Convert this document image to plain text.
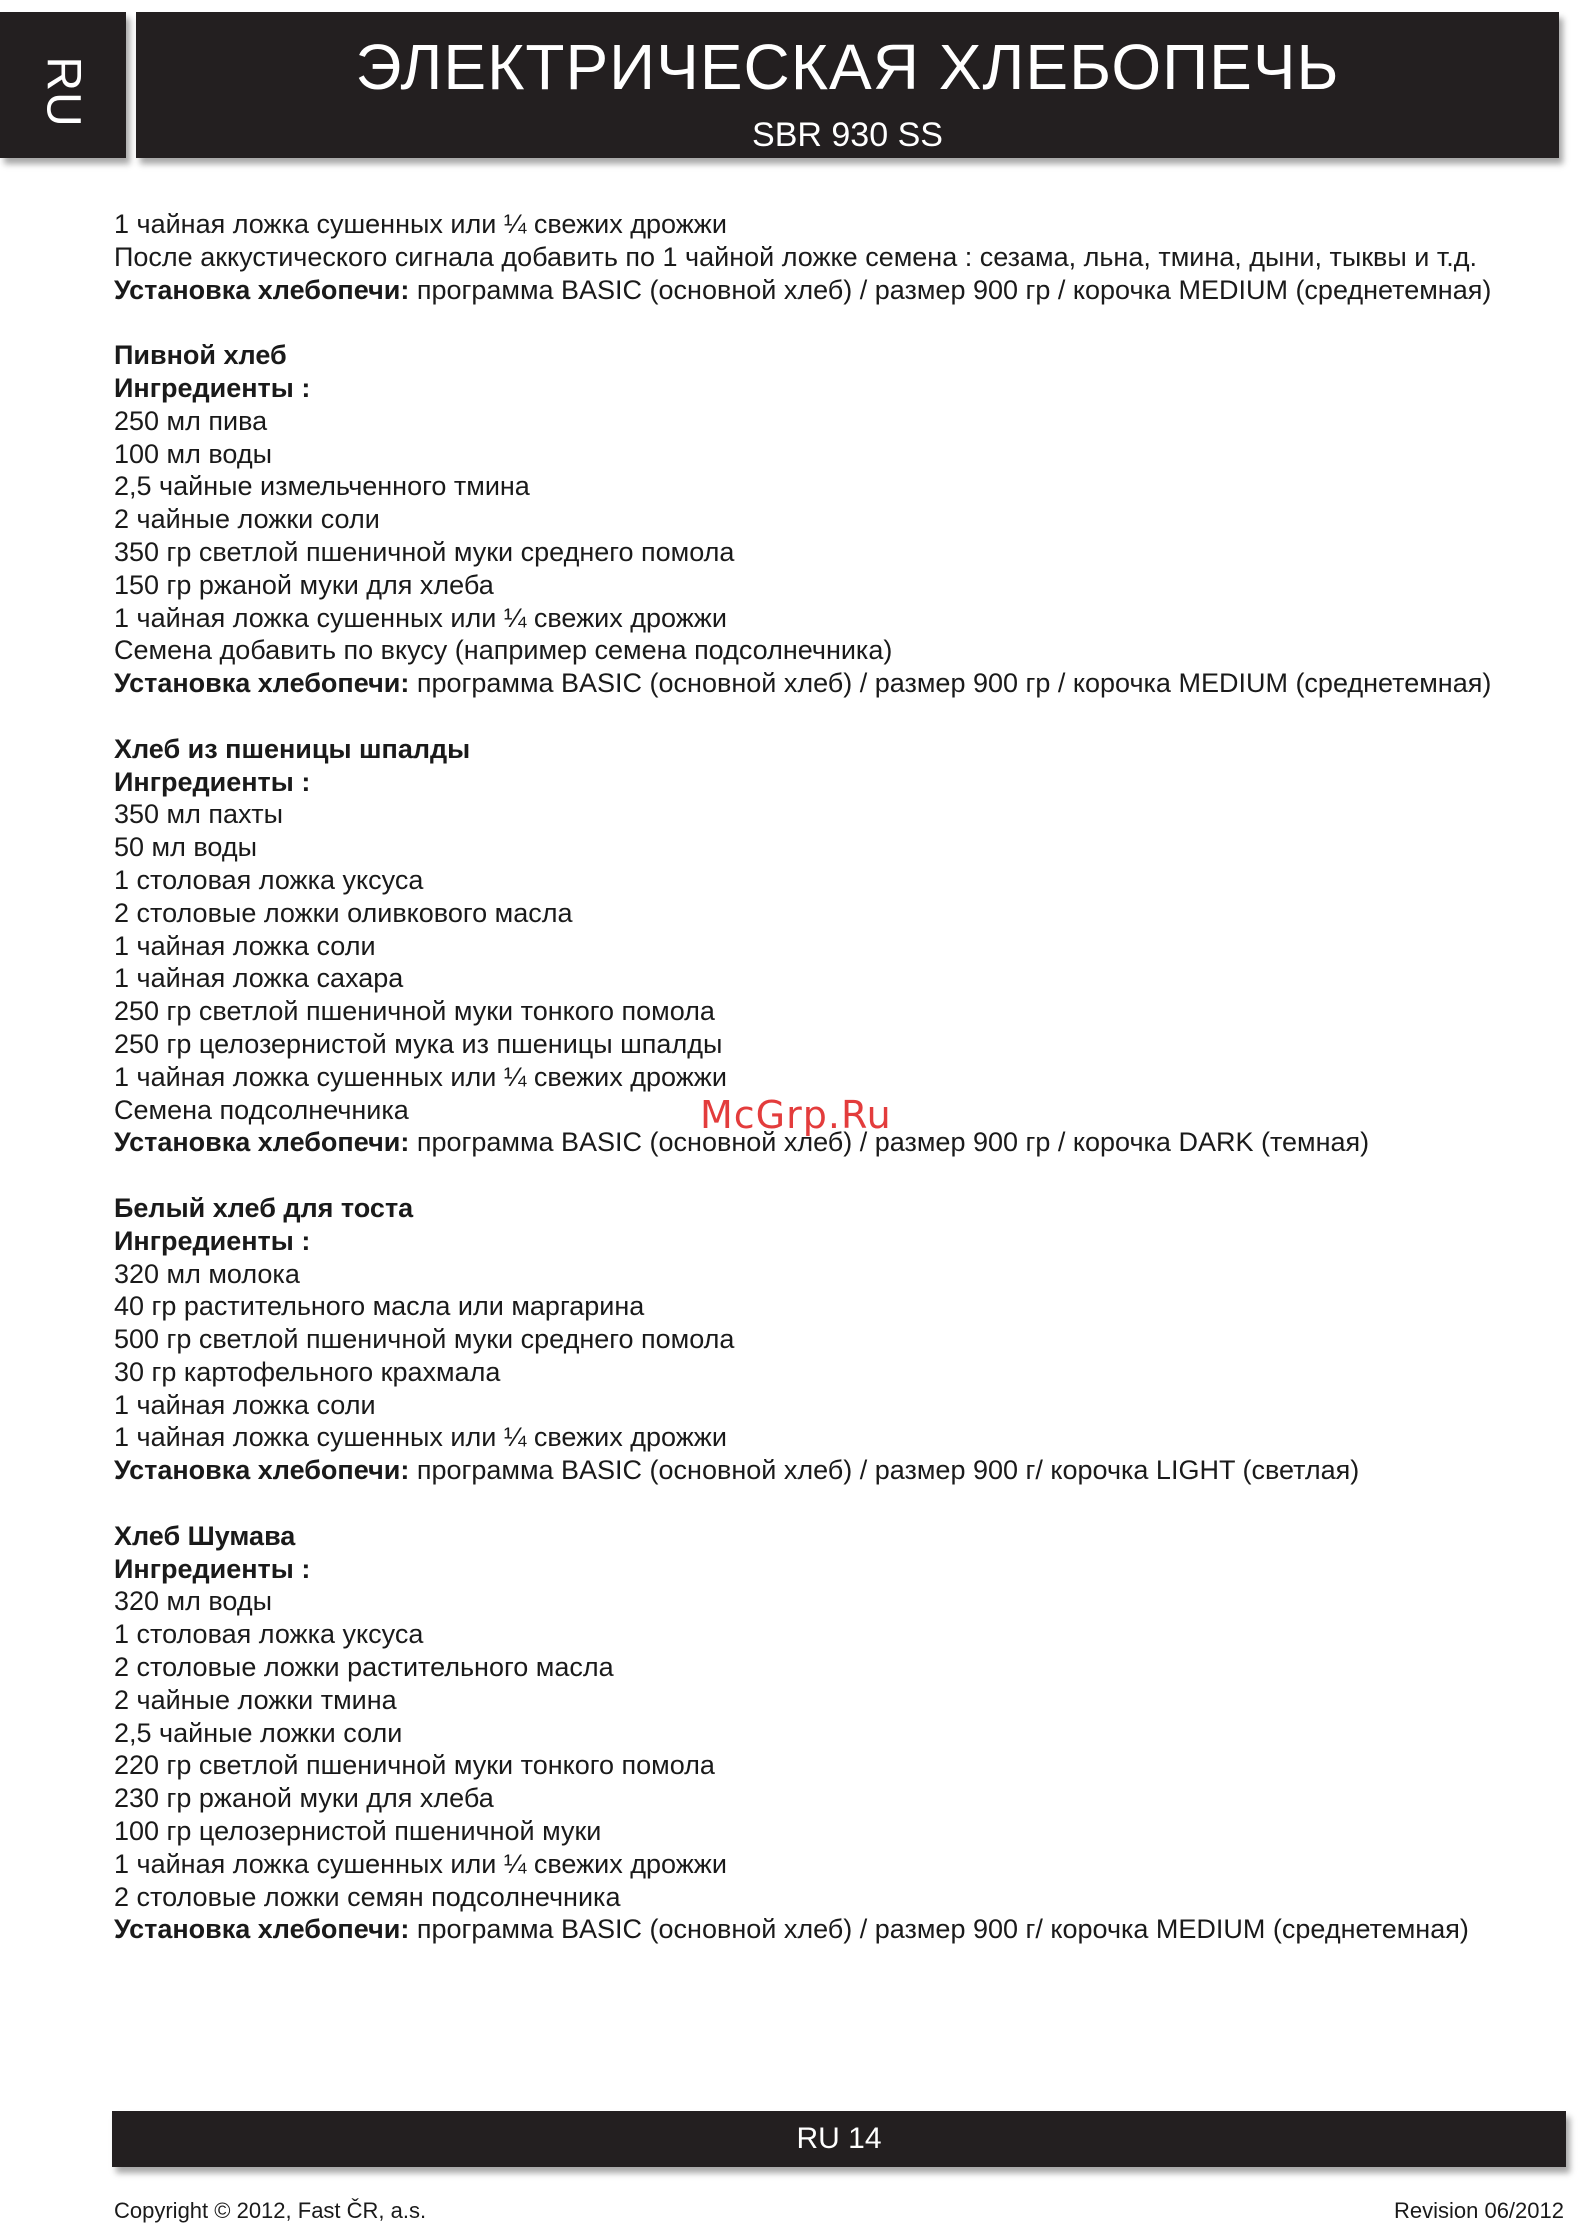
RU	ЭЛЕКТРИЧЕСКАЯ ХЛЕБОПЕЧЬ
SBR 930 SS
1 чайная ложка сушенных или ¼ свежих дрожжи
После аккустического сигнала добавить по 1 чайной ложке семена : сезама, льна, тмина, дыни, тыквы и т.д.
Установка хлебопечи: программа BASIC (основной хлеб) / размер 900 гр / корочка MEDIUM (среднетемная)
Пивной хлеб
Ингредиенты :
250 мл пива
100 мл воды
2,5 чайные измельченного тмина
2 чайные ложки соли
350 гр светлой пшеничной муки среднего помола
150 гр ржаной муки для хлеба
1 чайная ложка сушенных или ¼ свежих дрожжи
Семена добавить по вкусу (например семена подсолнечника)
Установка хлебопечи: программа BASIC (основной хлеб) / размер 900 гр / корочка MEDIUM (среднетемная)
Хлеб из пшеницы шпалды
Ингредиенты :
350 мл пахты
50 мл воды
1 столовая ложка уксуса
2 столовые ложки оливкового масла
1 чайная ложка соли
1 чайная ложка сахара
250 гр светлой пшеничной муки тонкого помола
250 гр целозернистой мука из пшеницы шпалды
1 чайная ложка сушенных или ¼ свежих дрожжи
Семена подсолнечника
Установка хлебопечи: программа BASIC (основной хлеб) / размер 900 гр / корочка DARK (темная)
Белый хлеб для тоста
Ингредиенты :
320 мл молока
40 гр растительного масла или маргарина
500 гр светлой пшеничной муки среднего помола
30 гр картофельного крахмала
1 чайная ложка соли
1 чайная ложка сушенных или ¼ свежих дрожжи
Установка хлебопечи: программа BASIC (основной хлеб) / размер 900 г/ корочка LIGHT (светлая)
Хлеб Шумава
Ингредиенты :
320 мл воды
1 столовая ложка уксуса
2 столовые ложки растительного масла
2 чайные ложки тмина
2,5 чайные ложки соли
220 гр светлой пшеничной муки тонкого помола
230 гр ржаной муки для хлеба
100 гр целозернистой пшеничной муки
1 чайная ложка сушенных или ¼ свежих дрожжи
2 столовые ложки семян подсолнечника
Установка хлебопечи: программа BASIC (основной хлеб) / размер 900 г/ корочка MEDIUM (среднетемная)
McGrp.Ru
RU 14
Copyright © 2012, Fast ČR, a.s.	Revision 06/2012
